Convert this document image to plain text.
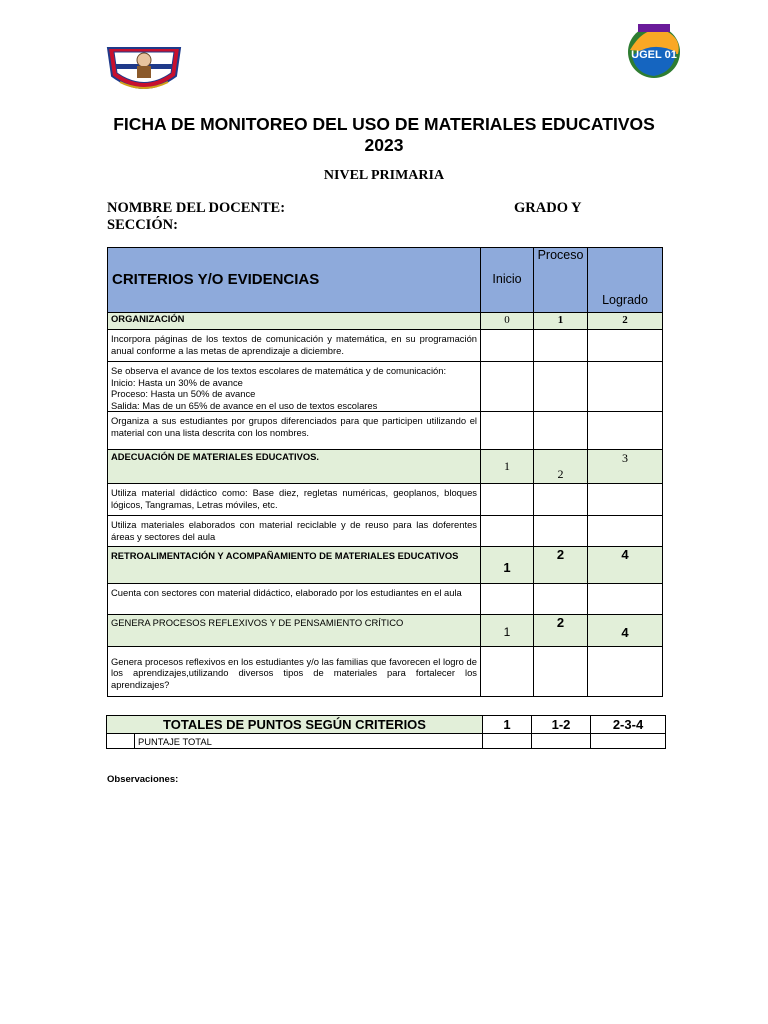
UGEL 01
FICHA DE MONITOREO DEL USO DE MATERIALES EDUCATIVOS
2023
NIVEL PRIMARIA
NOMBRE DEL DOCENTE:	GRADO Y
SECCIÓN:
CRITERIOS Y/O EVIDENCIAS	Inicio	Proceso	Logrado
ORGANIZACIÓN	0	1	2
Incorpora páginas de los textos de comunicación y matemática, en su programación anual conforme a las metas de aprendizaje a diciembre.			

Se observa el avance de los textos escolares de matemática y de comunicación:
Inicio: Hasta un 30% de avance
Proceso: Hasta un 50% de avance
Salida: Mas de un 65% de avance en el uso de textos escolares			

Organiza a sus estudiantes por grupos diferenciados para que participen utilizando el material con una lista descrita con los nombres.			
ADECUACIÓN DE MATERIALES EDUCATIVOS.	1	2	3
Utiliza material didáctico como: Base diez, regletas numéricas, geoplanos, bloques lógicos, Tangramas, Letras móviles, etc.			
Utiliza materiales elaborados con material reciclable y de reuso para las doferentes áreas y sectores del aula			
RETROALIMENTACIÓN Y ACOMPAÑAMIENTO DE MATERIALES EDUCATIVOS	1	2	4
Cuenta con sectores con material didáctico, elaborado por los estudiantes en el aula			
GENERA PROCESOS REFLEXIVOS Y DE PENSAMIENTO CRÍTICO	1	2	4
Genera procesos reflexivos en los estudiantes y/o las familias que favorecen el logro de los aprendizajes,utilizando diversos tipos de materiales para fortalecer los aprendizajes?			
TOTALES DE PUNTOS SEGÚN CRITERIOS		1	1-2	2-3-4
	PUNTAJE TOTAL			
Observaciones:
